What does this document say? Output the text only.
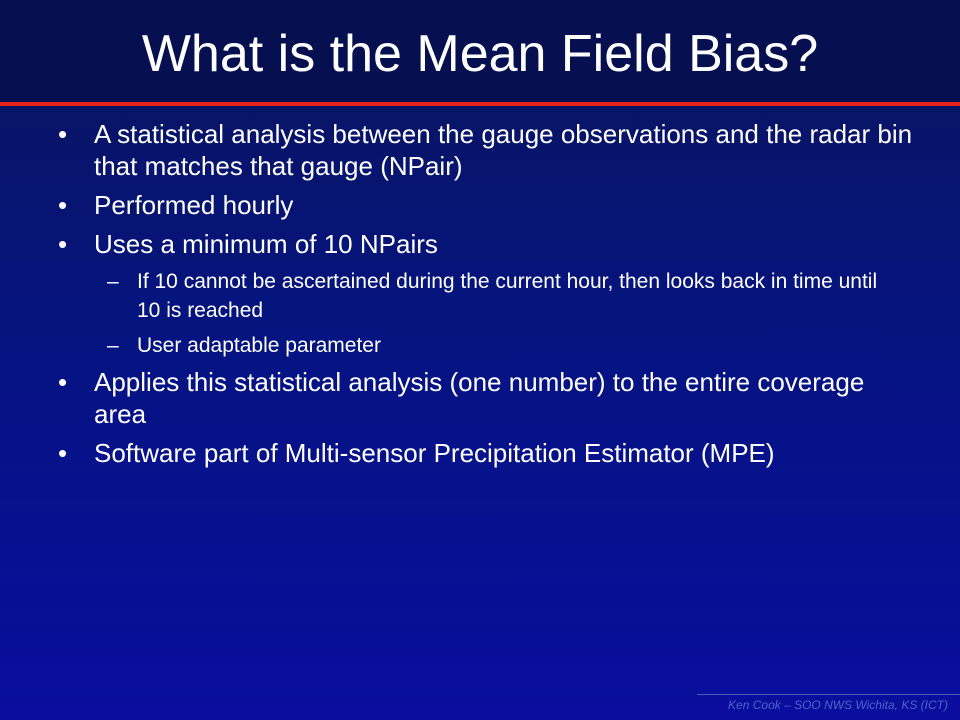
What is the Mean Field Bias?
• A statistical analysis between the gauge observations and the radar bin that matches that gauge (NPair)
• Performed hourly
• Uses a minimum of 10 NPairs
– If 10 cannot be ascertained during the current hour, then looks back in time until 10 is reached
– User adaptable parameter
• Applies this statistical analysis (one number) to the entire coverage area
• Software part of Multi-sensor Precipitation Estimator (MPE)
Ken Cook – SOO NWS Wichita, KS (ICT)
